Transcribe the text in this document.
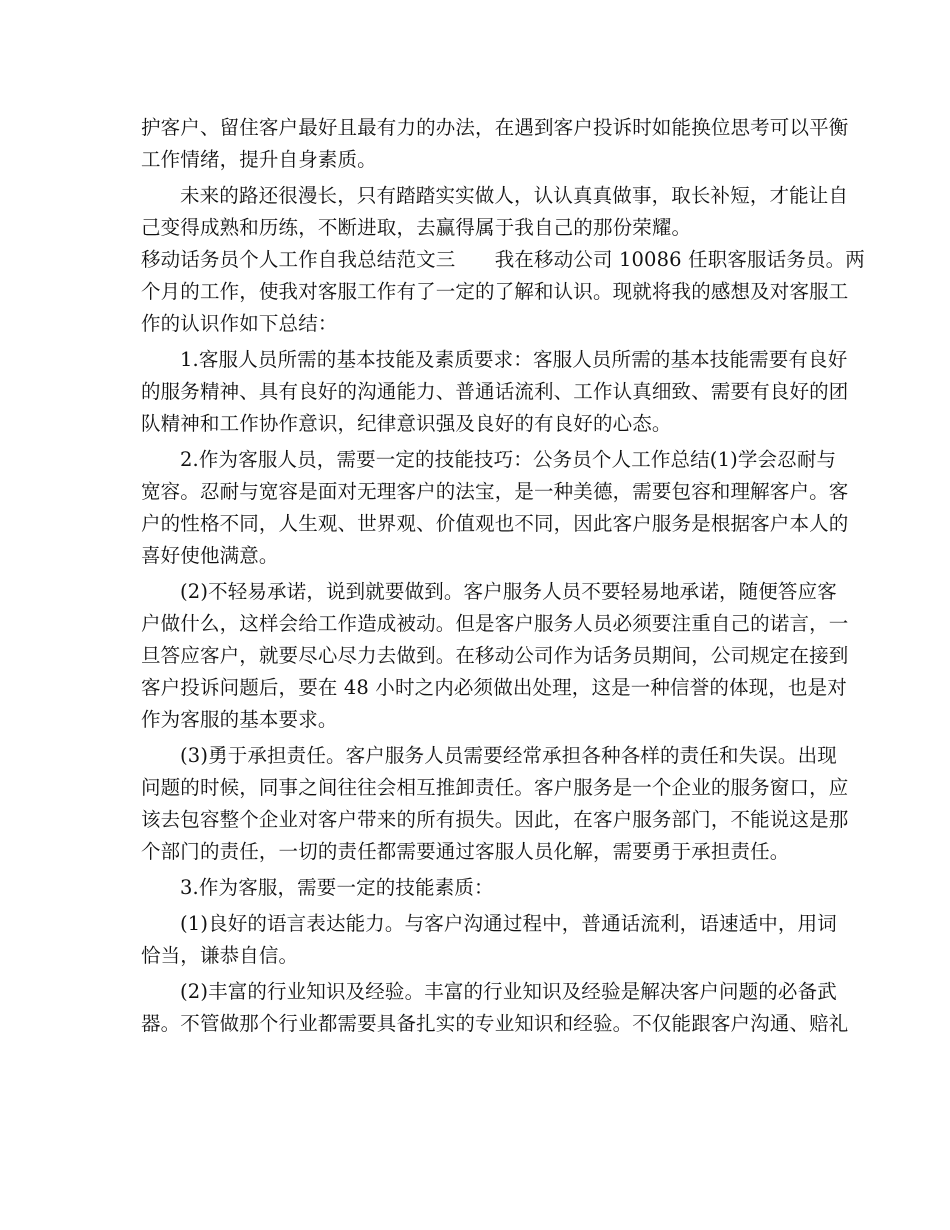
护客户、留住客户最好且最有力的办法，在遇到客户投诉时如能换位思考可以平衡
工作情绪，提升自身素质。
未来的路还很漫长，只有踏踏实实做人，认认真真做事，取长补短，才能让自
己变得成熟和历练，不断进取，去赢得属于我自己的那份荣耀。
移动话务员个人工作自我总结范文三　　我在移动公司 10086 任职客服话务员。两
个月的工作，使我对客服工作有了一定的了解和认识。现就将我的感想及对客服工
作的认识作如下总结：
1.客服人员所需的基本技能及素质要求：客服人员所需的基本技能需要有良好
的服务精神、具有良好的沟通能力、普通话流利、工作认真细致、需要有良好的团
队精神和工作协作意识，纪律意识强及良好的有良好的心态。
2.作为客服人员，需要一定的技能技巧：公务员个人工作总结(1)学会忍耐与
宽容。忍耐与宽容是面对无理客户的法宝，是一种美德，需要包容和理解客户。客
户的性格不同，人生观、世界观、价值观也不同，因此客户服务是根据客户本人的
喜好使他满意。
(2)不轻易承诺，说到就要做到。客户服务人员不要轻易地承诺，随便答应客
户做什么，这样会给工作造成被动。但是客户服务人员必须要注重自己的诺言，一
旦答应客户，就要尽心尽力去做到。在移动公司作为话务员期间，公司规定在接到
客户投诉问题后，要在 48 小时之内必须做出处理，这是一种信誉的体现，也是对
作为客服的基本要求。
(3)勇于承担责任。客户服务人员需要经常承担各种各样的责任和失误。出现
问题的时候，同事之间往往会相互推卸责任。客户服务是一个企业的服务窗口，应
该去包容整个企业对客户带来的所有损失。因此，在客户服务部门，不能说这是那
个部门的责任，一切的责任都需要通过客服人员化解，需要勇于承担责任。
3.作为客服，需要一定的技能素质：
(1)良好的语言表达能力。与客户沟通过程中，普通话流利，语速适中，用词
恰当，谦恭自信。
(2)丰富的行业知识及经验。丰富的行业知识及经验是解决客户问题的必备武
器。不管做那个行业都需要具备扎实的专业知识和经验。不仅能跟客户沟通、赔礼
